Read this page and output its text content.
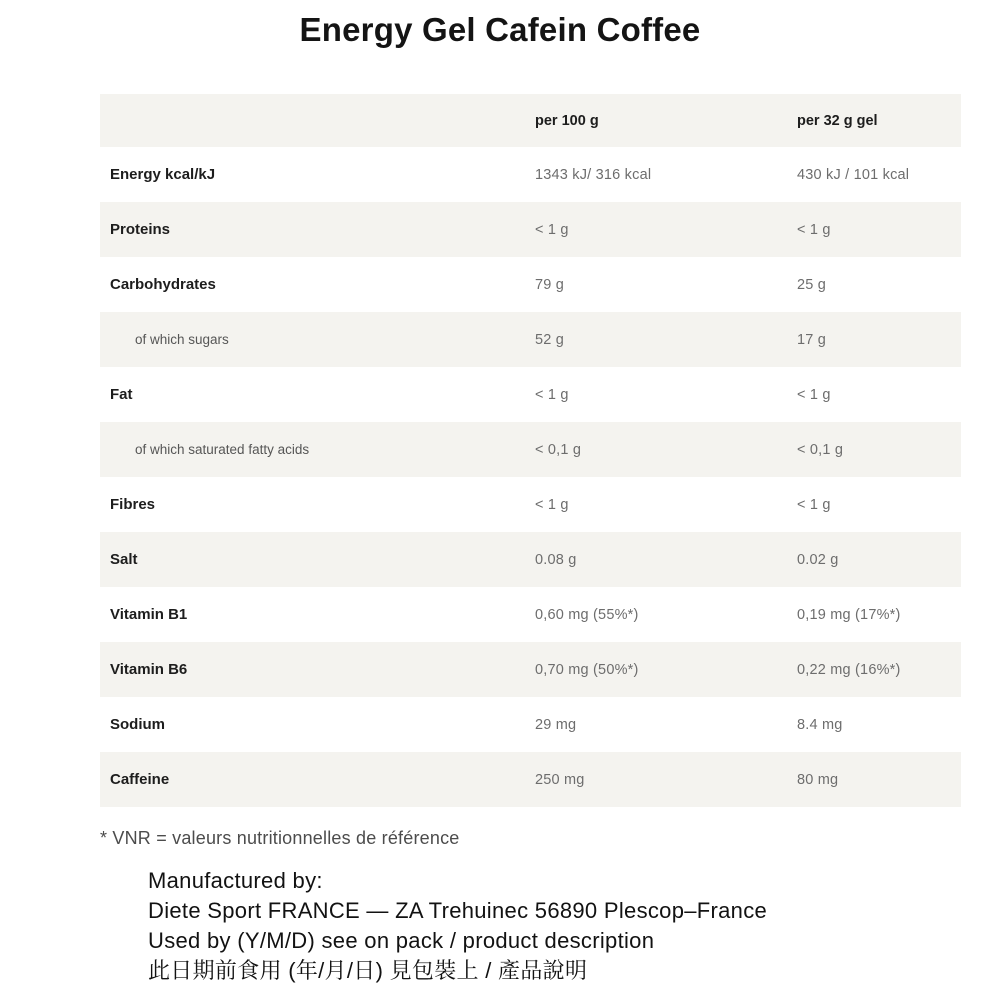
Energy Gel Cafein Coffee
per 100 g	per 32 g gel
Energy kcal/kJ	1343 kJ/ 316 kcal	430 kJ / 101 kcal
Proteins	< 1 g	< 1 g
Carbohydrates	79 g	25 g
of which sugars	52 g	17 g
Fat	< 1 g	< 1 g
of which saturated fatty acids	< 0,1 g	< 0,1 g
Fibres	< 1 g	< 1 g
Salt	0.08 g	0.02 g
Vitamin B1	0,60 mg (55%*)	0,19 mg (17%*)
Vitamin B6	0,70 mg (50%*)	0,22 mg (16%*)
Sodium	29 mg	8.4 mg
Caffeine	250 mg	80 mg
* VNR = valeurs nutritionnelles de référence
Manufactured by:
Diete Sport FRANCE — ZA Trehuinec 56890 Plescop–France
Used by (Y/M/D) see on pack / product description
此日期前食用 (年/月/日) 見包裝上 / 產品說明
